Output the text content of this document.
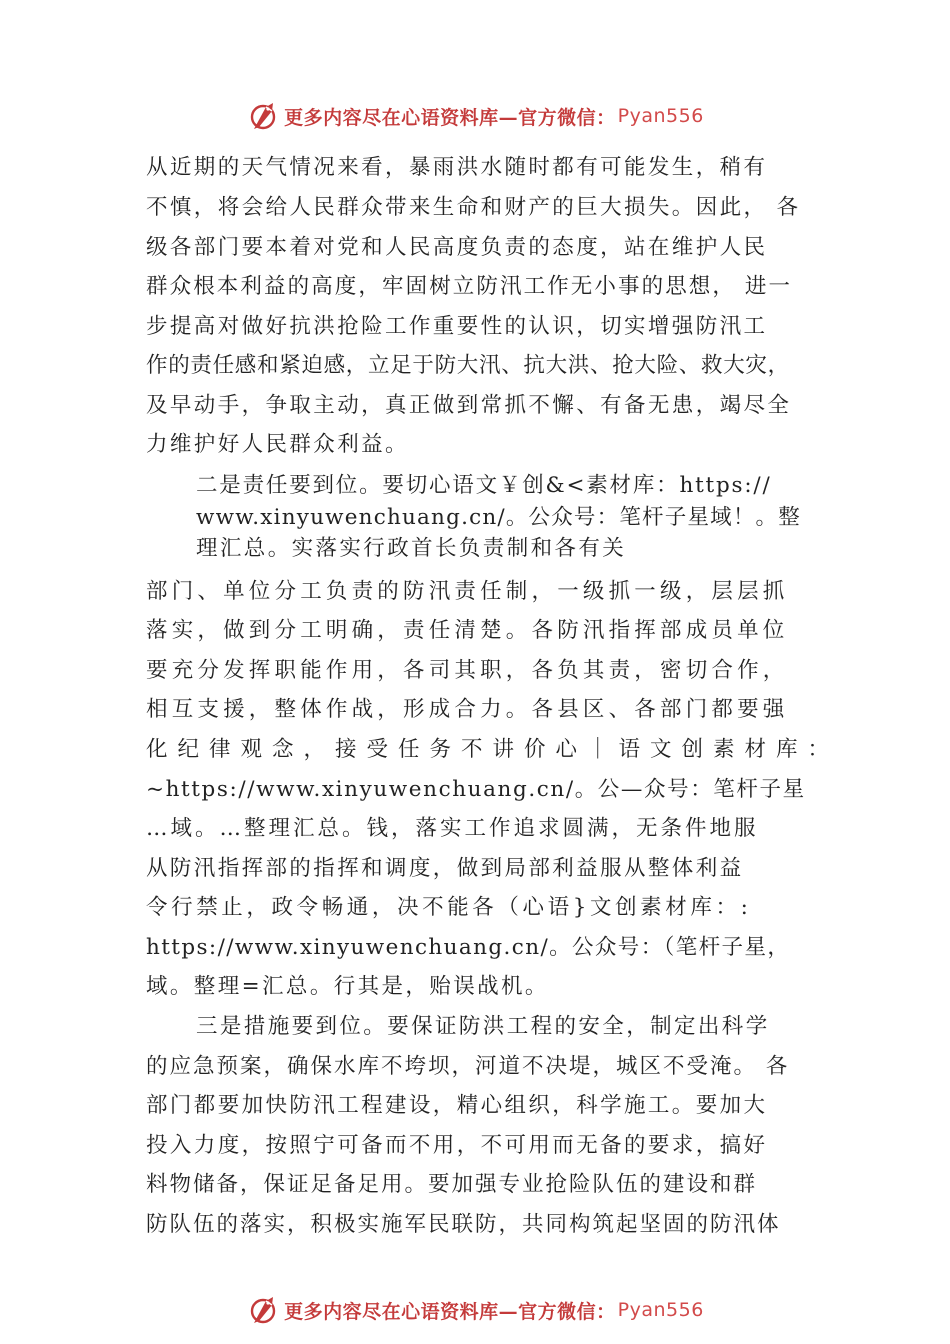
更多内容尽在心语资料库—官方微信： Pyan556
从近期的天气情况来看，暴雨洪水随时都有可能发生，稍有
不慎，将会给人民群众带来生命和财产的巨大损失。因此， 各
级各部门要本着对党和人民高度负责的态度，站在维护人民
群众根本利益的高度，牢固树立防汛工作无小事的思想， 进一
步提高对做好抗洪抢险工作重要性的认识，切实增强防汛工
作的责任感和紧迫感，立足于防大汛、抗大洪、抢大险、救大灾，
及早动手，争取主动，真正做到常抓不懈、有备无患，竭尽全
力维护好人民群众利益。
二是责任要到位。要切心语文￥创&<素材库：https://
www.xinyuwenchuang.cn/。公众号：笔杆子星域！。整
理汇总。实落实行政首长负责制和各有关
部门、单位分工负责的防汛责任制，一级抓一级，层层抓
落实，做到分工明确，责任清楚。各防汛指挥部成员单位
要充分发挥职能作用，各司其职，各负其责，密切合作，
相互支援，整体作战，形成合力。各县区、各部门都要强
化纪律观念，接受任务不讲价心｜语文创素材库：
~https://www.xinyuwenchuang.cn/。公—众号：笔杆子星
…域。…整理汇总。钱，落实工作追求圆满，无条件地服
从防汛指挥部的指挥和调度，做到局部利益服从整体利益
令行禁止，政令畅通，决不能各（心语}文创素材库：:
https://www.xinyuwenchuang.cn/。公众号：（笔杆子星，
域。整理=汇总。行其是，贻误战机。
三是措施要到位。要保证防洪工程的安全，制定出科学
的应急预案，确保水库不垮坝，河道不决堤，城区不受淹。 各
部门都要加快防汛工程建设，精心组织，科学施工。要加大
投入力度，按照宁可备而不用，不可用而无备的要求，搞好
料物储备，保证足备足用。要加强专业抢险队伍的建设和群
防队伍的落实，积极实施军民联防，共同构筑起坚固的防汛体
更多内容尽在心语资料库—官方微信： Pyan556
